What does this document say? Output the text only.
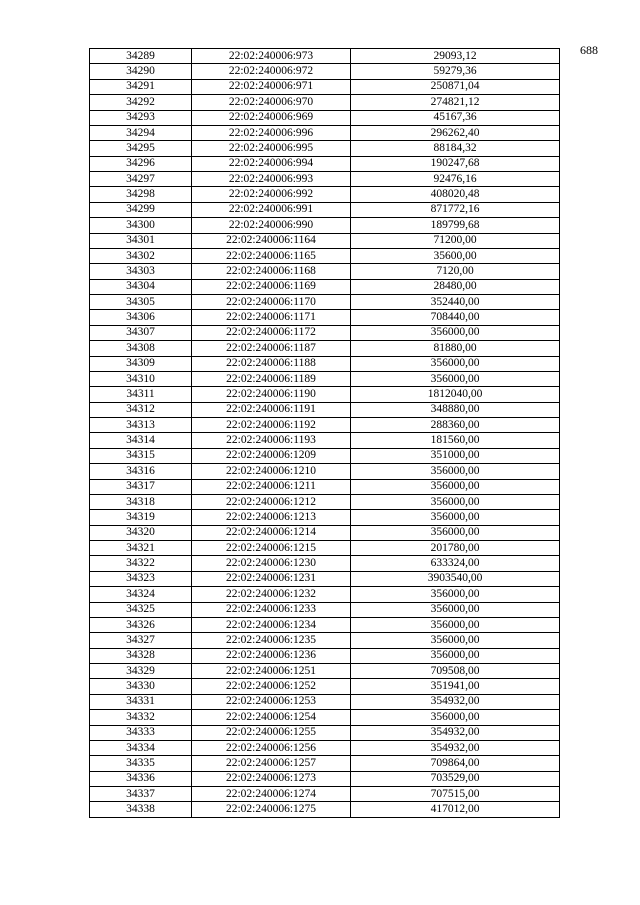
688
34289	22:02:240006:973	29093,12
34290	22:02:240006:972	59279,36
34291	22:02:240006:971	250871,04
34292	22:02:240006:970	274821,12
34293	22:02:240006:969	45167,36
34294	22:02:240006:996	296262,40
34295	22:02:240006:995	88184,32
34296	22:02:240006:994	190247,68
34297	22:02:240006:993	92476,16
34298	22:02:240006:992	408020,48
34299	22:02:240006:991	871772,16
34300	22:02:240006:990	189799,68
34301	22:02:240006:1164	71200,00
34302	22:02:240006:1165	35600,00
34303	22:02:240006:1168	7120,00
34304	22:02:240006:1169	28480,00
34305	22:02:240006:1170	352440,00
34306	22:02:240006:1171	708440,00
34307	22:02:240006:1172	356000,00
34308	22:02:240006:1187	81880,00
34309	22:02:240006:1188	356000,00
34310	22:02:240006:1189	356000,00
34311	22:02:240006:1190	1812040,00
34312	22:02:240006:1191	348880,00
34313	22:02:240006:1192	288360,00
34314	22:02:240006:1193	181560,00
34315	22:02:240006:1209	351000,00
34316	22:02:240006:1210	356000,00
34317	22:02:240006:1211	356000,00
34318	22:02:240006:1212	356000,00
34319	22:02:240006:1213	356000,00
34320	22:02:240006:1214	356000,00
34321	22:02:240006:1215	201780,00
34322	22:02:240006:1230	633324,00
34323	22:02:240006:1231	3903540,00
34324	22:02:240006:1232	356000,00
34325	22:02:240006:1233	356000,00
34326	22:02:240006:1234	356000,00
34327	22:02:240006:1235	356000,00
34328	22:02:240006:1236	356000,00
34329	22:02:240006:1251	709508,00
34330	22:02:240006:1252	351941,00
34331	22:02:240006:1253	354932,00
34332	22:02:240006:1254	356000,00
34333	22:02:240006:1255	354932,00
34334	22:02:240006:1256	354932,00
34335	22:02:240006:1257	709864,00
34336	22:02:240006:1273	703529,00
34337	22:02:240006:1274	707515,00
34338	22:02:240006:1275	417012,00
